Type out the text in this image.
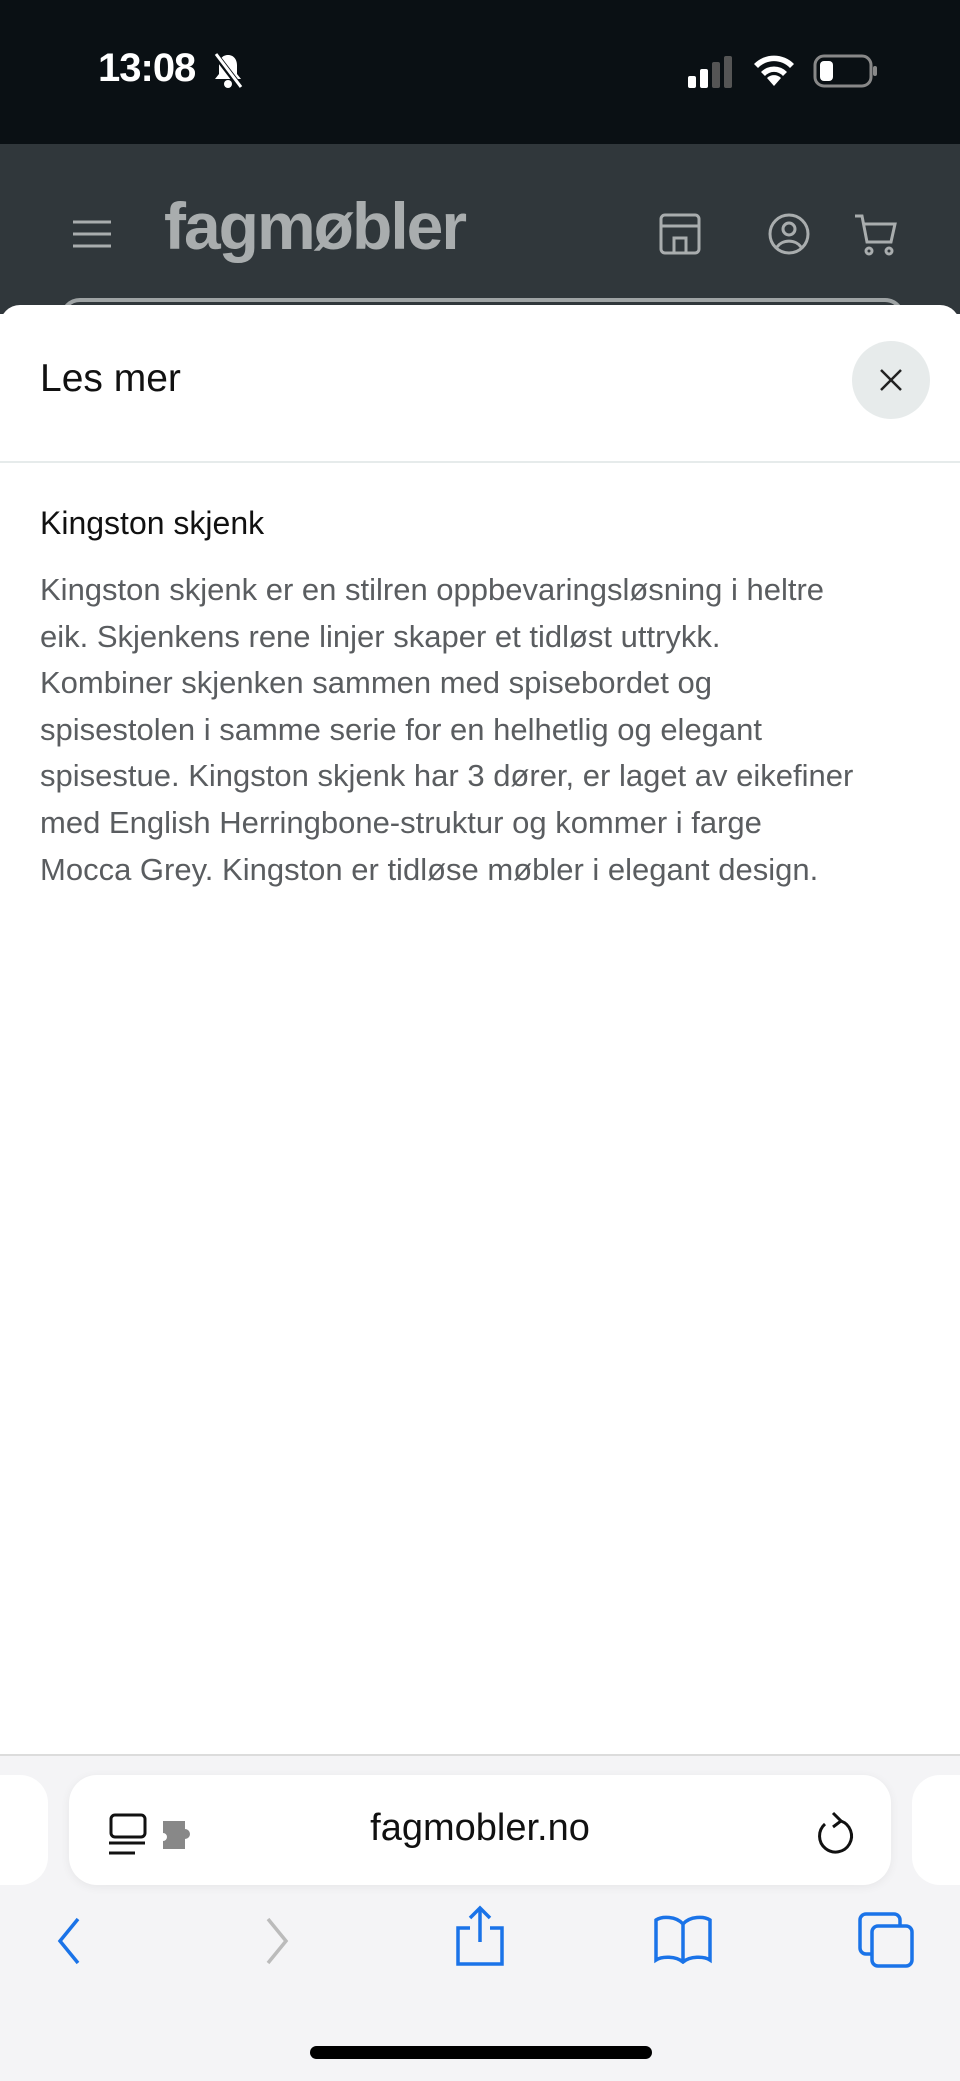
13:08
fagmøbler
Les mer
Kingston skjenk
Kingston skjenk er en stilren oppbevaringsløsning i heltre
eik. Skjenkens rene linjer skaper et tidløst uttrykk.
Kombiner skjenken sammen med spisebordet og
spisestolen i samme serie for en helhetlig og elegant
spisestue. Kingston skjenk har 3 dører, er laget av eikefiner
med English Herringbone-struktur og kommer i farge
Mocca Grey. Kingston er tidløse møbler i elegant design.
fagmobler.no
